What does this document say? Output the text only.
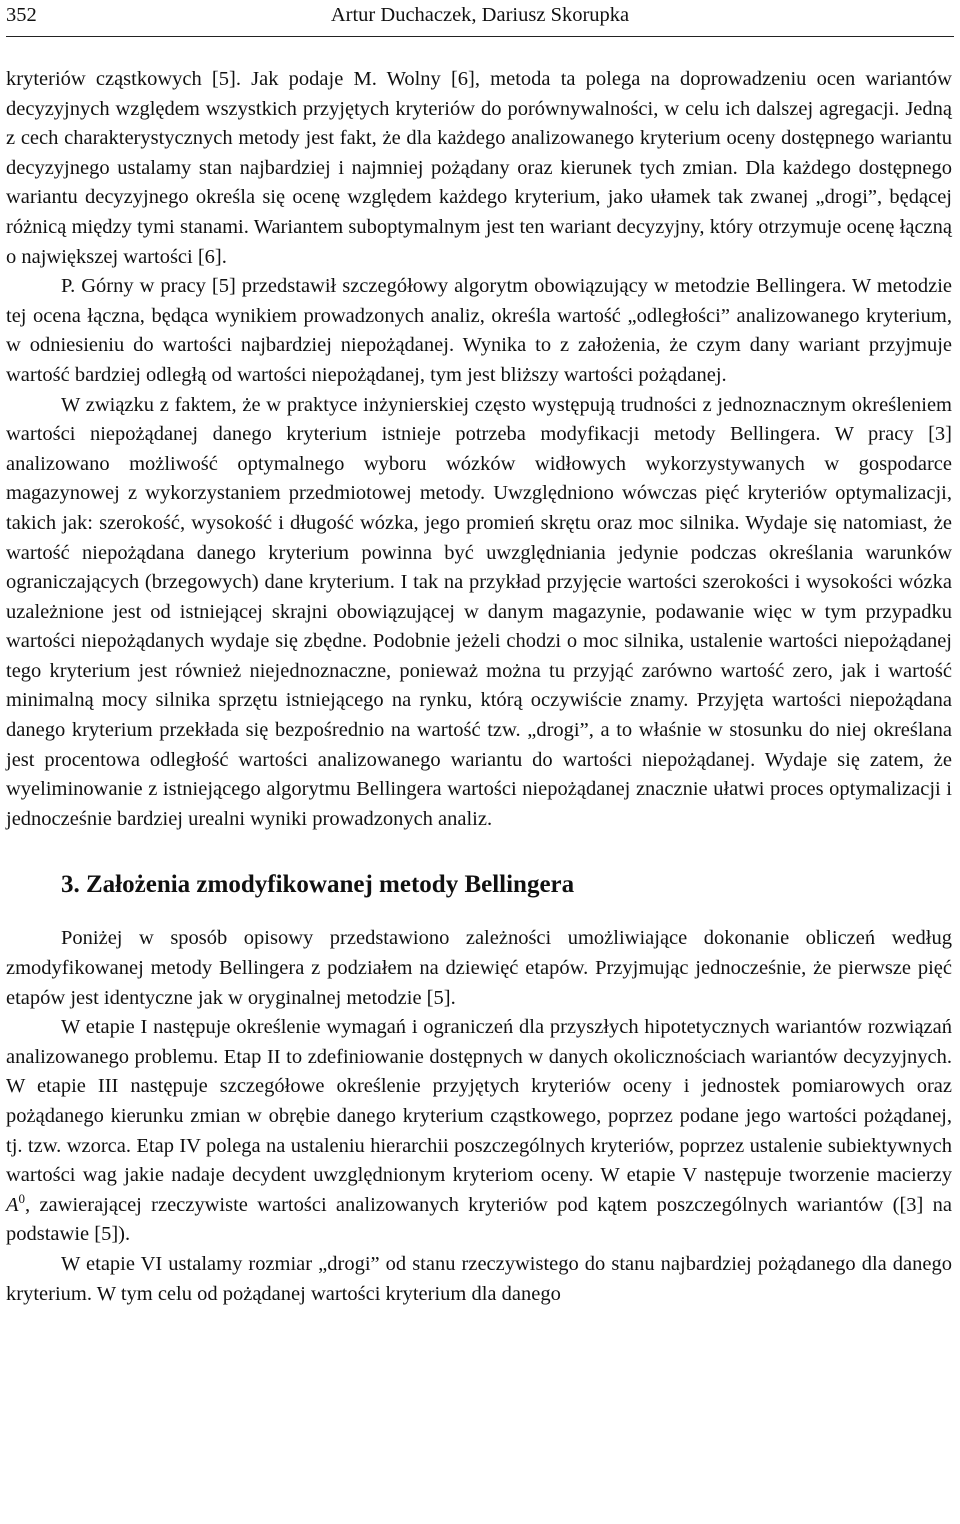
352	Artur Duchaczek, Dariusz Skorupka

kryteriów cząstkowych [5]. Jak podaje M. Wolny [6], metoda ta polega na doprowadzeniu ocen wariantów decyzyjnych względem wszystkich przyjętych kryteriów do porównywalności, w celu ich dalszej agregacji. Jedną z cech charakterystycznych metody jest fakt, że dla każdego analizowanego kryterium oceny dostępnego wariantu decyzyjnego ustalamy stan najbardziej i najmniej pożądany oraz kierunek tych zmian. Dla każdego dostępnego wariantu decyzyjnego określa się ocenę względem każdego kryterium, jako ułamek tak zwanej „drogi”, będącej różnicą między tymi stanami. Wariantem suboptymalnym jest ten wariant decyzyjny, który otrzymuje ocenę łączną o największej wartości [6].

P. Górny w pracy [5] przedstawił szczegółowy algorytm obowiązujący w metodzie Bellingera. W metodzie tej ocena łączna, będąca wynikiem prowadzonych analiz, określa wartość „odległości” analizowanego kryterium, w odniesieniu do wartości najbardziej niepożądanej. Wynika to z założenia, że czym dany wariant przyjmuje wartość bardziej odległą od wartości niepożądanej, tym jest bliższy wartości pożądanej.

W związku z faktem, że w praktyce inżynierskiej często występują trudności z jednoznacznym określeniem wartości niepożądanej danego kryterium istnieje potrzeba modyfikacji metody Bellingera. W pracy [3] analizowano możliwość optymalnego wyboru wózków widłowych wykorzystywanych w gospodarce magazynowej z wykorzystaniem przedmiotowej metody. Uwzględniono wówczas pięć kryteriów optymalizacji, takich jak: szerokość, wysokość i długość wózka, jego promień skrętu oraz moc silnika. Wydaje się natomiast, że wartość niepożądana danego kryterium powinna być uwzględniania jedynie podczas określania warunków ograniczających (brzegowych) dane kryterium. I tak na przykład przyjęcie wartości szerokości i wysokości wózka uzależnione jest od istniejącej skrajni obowiązującej w danym magazynie, podawanie więc w tym przypadku wartości niepożądanych wydaje się zbędne. Podobnie jeżeli chodzi o moc silnika, ustalenie wartości niepożądanej tego kryterium jest również niejednoznaczne, ponieważ można tu przyjąć zarówno wartość zero, jak i wartość minimalną mocy silnika sprzętu istniejącego na rynku, którą oczywiście znamy. Przyjęta wartości niepożądana danego kryterium przekłada się bezpośrednio na wartość tzw. „drogi”, a to właśnie w stosunku do niej określana jest procentowa odległość wartości analizowanego wariantu do wartości niepożądanej. Wydaje się zatem, że wyeliminowanie z istniejącego algorytmu Bellingera wartości niepożądanej znacznie ułatwi proces optymalizacji i jednocześnie bardziej urealni wyniki prowadzonych analiz.

3. Założenia zmodyfikowanej metody Bellingera

Poniżej w sposób opisowy przedstawiono zależności umożliwiające dokonanie obliczeń według zmodyfikowanej metody Bellingera z podziałem na dziewięć etapów. Przyjmując jednocześnie, że pierwsze pięć etapów jest identyczne jak w oryginalnej metodzie [5].

W etapie I następuje określenie wymagań i ograniczeń dla przyszłych hipotetycznych wariantów rozwiązań analizowanego problemu. Etap II to zdefiniowanie dostępnych w danych okolicznościach wariantów decyzyjnych. W etapie III następuje szczegółowe określenie przyjętych kryteriów oceny i jednostek pomiarowych oraz pożądanego kierunku zmian w obrębie danego kryterium cząstkowego, poprzez podane jego wartości pożądanej, tj. tzw. wzorca. Etap IV polega na ustaleniu hierarchii poszczególnych kryteriów, poprzez ustalenie subiektywnych wartości wag jakie nadaje decydent uwzględnionym kryteriom oceny. W etapie V następuje tworzenie macierzy $A^0$, zawierającej rzeczywiste wartości analizowanych kryteriów pod kątem poszczególnych wariantów ([3] na podstawie [5]).

W etapie VI ustalamy rozmiar „drogi” od stanu rzeczywistego do stanu najbardziej pożądanego dla danego kryterium. W tym celu od pożądanej wartości kryterium dla danego
